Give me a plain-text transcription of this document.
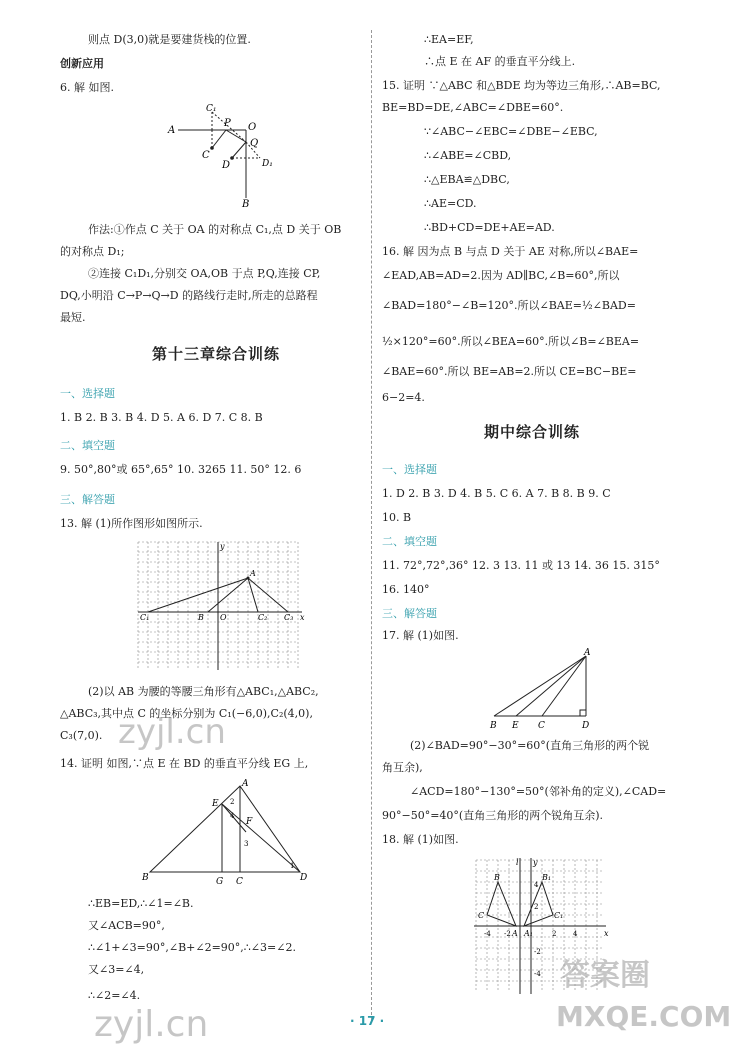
则点 D(3,0)就是要建货栈的位置.
创新应用
6. 解 如图.
A
B
O
C₁
C
P
Q
D	D₁
作法:①作点 C 关于 OA 的对称点 C₁,点 D 关于 OB
的对称点 D₁;
②连接 C₁D₁,分别交 OA,OB 于点 P,Q,连接 CP,
DQ,小明沿 C→P→Q→D 的路线行走时,所走的总路程
最短.
第十三章综合训练
一、选择题
1. B 2. B 3. B 4. D 5. A 6. D 7. C 8. B
二、填空题
9. 50°,80°或 65°,65° 10. 3265 11. 50° 12. 6
三、解答题
13. 解 (1)所作图形如图所示.
y
x
O
A
B
C₁	C₂ C₃
(2)以 AB 为腰的等腰三角形有△ABC₁,△ABC₂,
△ABC₃,其中点 C 的坐标分别为 C₁(−6,0),C₂(4,0),
C₃(7,0).
14. 证明 如图,∵点 E 在 BD 的垂直平分线 EG 上,
A
E
F
B	G C	D
2
4
3
1
∴EB=ED,∴∠1=∠B.
又∠ACB=90°,
∴∠1+∠3=90°,∠B+∠2=90°,∴∠3=∠2.
又∠3=∠4,
∴∠2=∠4.
∴EA=EF,
∴点 E 在 AF 的垂直平分线上.
15. 证明 ∵△ABC 和△BDE 均为等边三角形,∴AB=BC,
BE=BD=DE,∠ABC=∠DBE=60°.
∵∠ABC−∠EBC=∠DBE−∠EBC,
∴∠ABE=∠CBD,
∴△EBA≌△DBC,
∴AE=CD.
∴BD+CD=DE+AE=AD.
16. 解 因为点 B 与点 D 关于 AE 对称,所以∠BAE=
∠EAD,AB=AD=2.因为 AD∥BC,∠B=60°,所以
∠BAD=180°−∠B=120°.所以∠BAE=½∠BAD=
½×120°=60°.所以∠BEA=60°.所以∠B=∠BEA=
∠BAE=60°.所以 BE=AB=2.所以 CE=BC−BE=
6−2=4.
期中综合训练
一、选择题
1. D 2. B 3. D 4. B 5. C 6. A 7. B 8. B 9. C
10. B
二、填空题
11. 72°,72°,36° 12. 3 13. 11 或 13 14. 36 15. 315°
16. 140°
三、解答题
17. 解 (1)如图.
A
B E C	D
(2)∠BAD=90°−30°=60°(直角三角形的两个锐
角互余),
∠ACD=180°−130°=50°(邻补角的定义),∠CAD=
90°−50°=40°(直角三角形的两个锐角互余).
18. 解 (1)如图.
y
l
x
B
C
A
B₁
C₁
A₁
4
2
-2
-4
-4 -2	2 4
· 17 ·
zyjl.cn
zyjl.cn
答案圈
MXQE.COM
